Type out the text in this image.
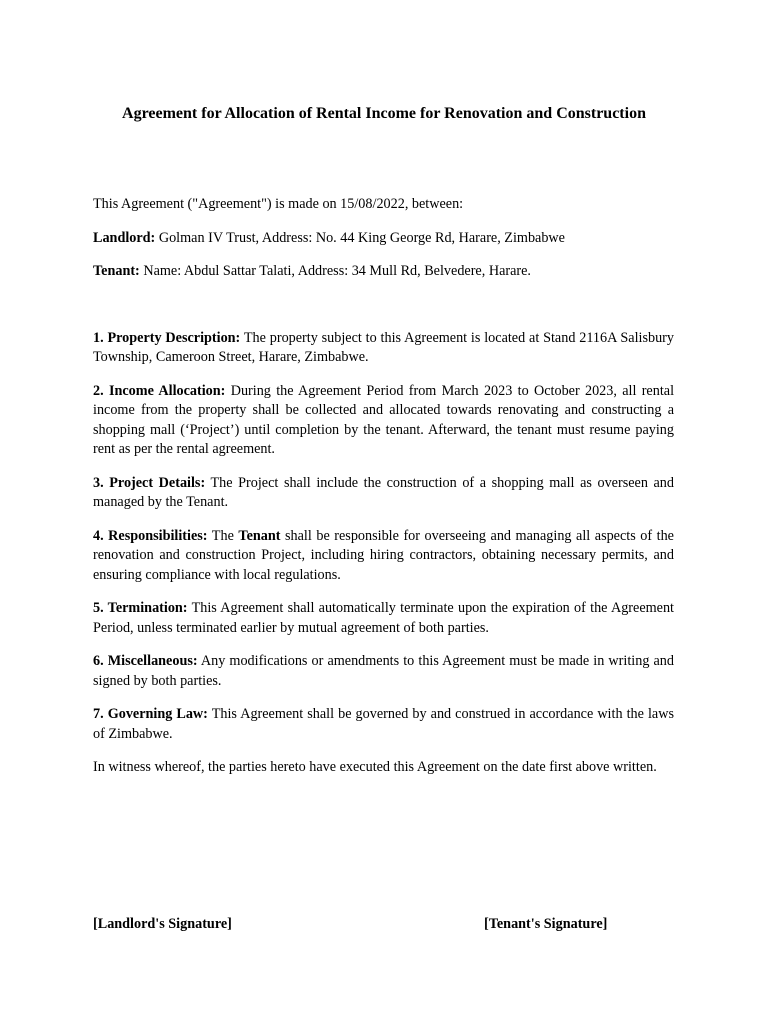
Agreement for Allocation of Rental Income for Renovation and Construction

This Agreement ("Agreement") is made on 15/08/2022, between:

Landlord: Golman IV Trust, Address: No. 44 King George Rd, Harare, Zimbabwe

Tenant: Name: Abdul Sattar Talati, Address: 34 Mull Rd, Belvedere, Harare.

1. Property Description: The property subject to this Agreement is located at Stand 2116A Salisbury Township, Cameroon Street, Harare, Zimbabwe.

2. Income Allocation: During the Agreement Period from March 2023 to October 2023, all rental income from the property shall be collected and allocated towards renovating and constructing a shopping mall (‘Project’) until completion by the tenant. Afterward, the tenant must resume paying rent as per the rental agreement.

3. Project Details: The Project shall include the construction of a shopping mall as overseen and managed by the Tenant.

4. Responsibilities: The Tenant shall be responsible for overseeing and managing all aspects of the renovation and construction Project, including hiring contractors, obtaining necessary permits, and ensuring compliance with local regulations.

5. Termination: This Agreement shall automatically terminate upon the expiration of the Agreement Period, unless terminated earlier by mutual agreement of both parties.

6. Miscellaneous: Any modifications or amendments to this Agreement must be made in writing and signed by both parties.

7. Governing Law: This Agreement shall be governed by and construed in accordance with the laws of Zimbabwe.

In witness whereof, the parties hereto have executed this Agreement on the date first above written.

[Landlord's Signature]	[Tenant's Signature]
